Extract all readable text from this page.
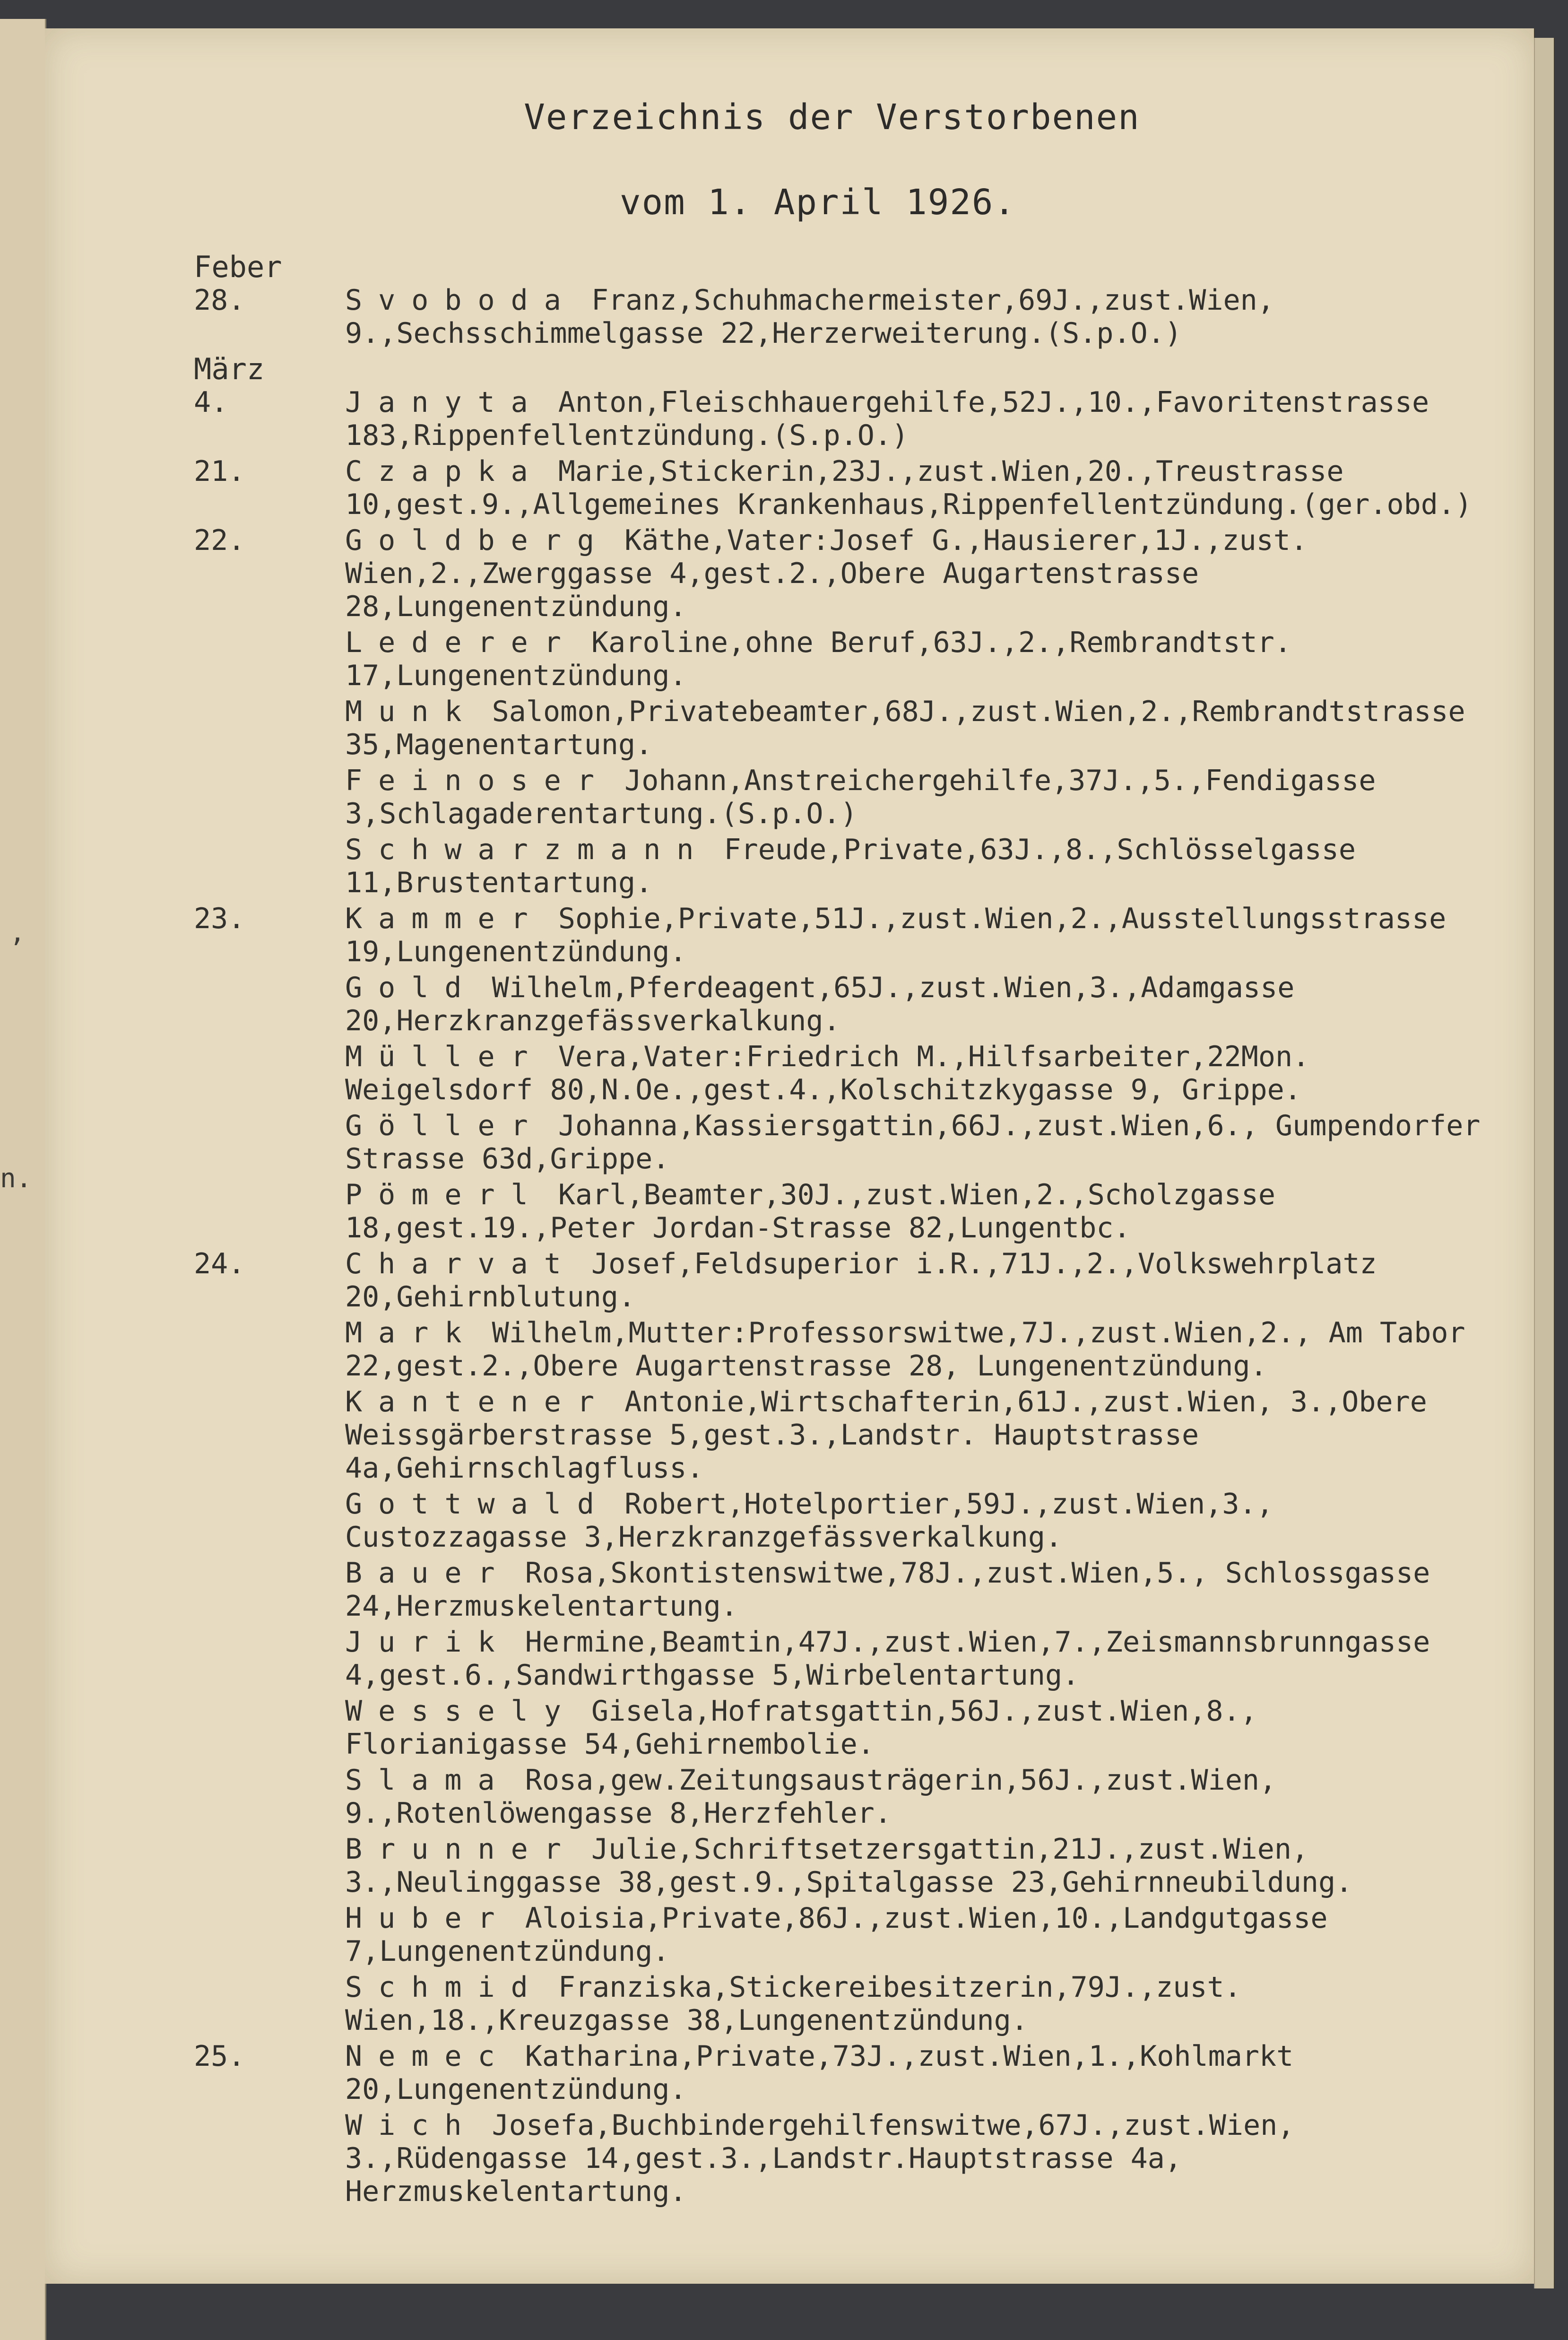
,
n.
Verzeichnis der Verstorbenen
vom 1. April 1926.
Feber
28.	Svoboda Franz,Schuhmachermeister,69J.,zust.Wien, 9.,Sechsschimmelgasse 22,Herzerweiterung.(S.p.O.)
März
4.	Janyta Anton,Fleischhauergehilfe,52J.,10.,Favoritenstrasse 183,Rippenfellentzündung.(S.p.O.)
21.	Czapka Marie,Stickerin,23J.,zust.Wien,20.,Treustrasse 10,gest.9.,Allgemeines Krankenhaus,Rippenfellentzündung.(ger.obd.)
22.	Goldberg Käthe,Vater:Josef G.,Hausierer,1J.,zust. Wien,2.,Zwerggasse 4,gest.2.,Obere Augartenstrasse 28,Lungenentzündung.
Lederer Karoline,ohne Beruf,63J.,2.,Rembrandtstr. 17,Lungenentzündung.
Munk Salomon,Privatebeamter,68J.,zust.Wien,2.,Rembrandtstrasse 35,Magenentartung.
Feinoser Johann,Anstreichergehilfe,37J.,5.,Fendigasse 3,Schlagaderentartung.(S.p.O.)
Schwarzmann Freude,Private,63J.,8.,Schlösselgasse 11,Brustentartung.
23.	Kammer Sophie,Private,51J.,zust.Wien,2.,Ausstellungsstrasse 19,Lungenentzündung.
Gold Wilhelm,Pferdeagent,65J.,zust.Wien,3.,Adamgasse 20,Herzkranzgefässverkalkung.
Müller Vera,Vater:Friedrich M.,Hilfsarbeiter,22Mon. Weigelsdorf 80,N.Oe.,gest.4.,Kolschitzkygasse 9, Grippe.
Göller Johanna,Kassiersgattin,66J.,zust.Wien,6., Gumpendorfer Strasse 63d,Grippe.
Pömerl Karl,Beamter,30J.,zust.Wien,2.,Scholzgasse 18,gest.19.,Peter Jordan-Strasse 82,Lungentbc.
24.	Charvat Josef,Feldsuperior i.R.,71J.,2.,Volkswehrplatz 20,Gehirnblutung.
Mark Wilhelm,Mutter:Professorswitwe,7J.,zust.Wien,2., Am Tabor 22,gest.2.,Obere Augartenstrasse 28, Lungenentzündung.
Kantener Antonie,Wirtschafterin,61J.,zust.Wien, 3.,Obere Weissgärberstrasse 5,gest.3.,Landstr. Hauptstrasse 4a,Gehirnschlagfluss.
Gottwald Robert,Hotelportier,59J.,zust.Wien,3., Custozzagasse 3,Herzkranzgefässverkalkung.
Bauer Rosa,Skontistenswitwe,78J.,zust.Wien,5., Schlossgasse 24,Herzmuskelentartung.
Jurik Hermine,Beamtin,47J.,zust.Wien,7.,Zeismannsbrunngasse 4,gest.6.,Sandwirthgasse 5,Wirbelentartung.
Wessely Gisela,Hofratsgattin,56J.,zust.Wien,8., Florianigasse 54,Gehirnembolie.
Slama Rosa,gew.Zeitungsausträgerin,56J.,zust.Wien, 9.,Rotenlöwengasse 8,Herzfehler.
Brunner Julie,Schriftsetzersgattin,21J.,zust.Wien, 3.,Neulinggasse 38,gest.9.,Spitalgasse 23,Gehirnneubildung.
Huber Aloisia,Private,86J.,zust.Wien,10.,Landgutgasse 7,Lungenentzündung.
Schmid Franziska,Stickereibesitzerin,79J.,zust. Wien,18.,Kreuzgasse 38,Lungenentzündung.
25.	Nemec Katharina,Private,73J.,zust.Wien,1.,Kohlmarkt 20,Lungenentzündung.
Wich Josefa,Buchbindergehilfenswitwe,67J.,zust.Wien, 3.,Rüdengasse 14,gest.3.,Landstr.Hauptstrasse 4a, Herzmuskelentartung.
